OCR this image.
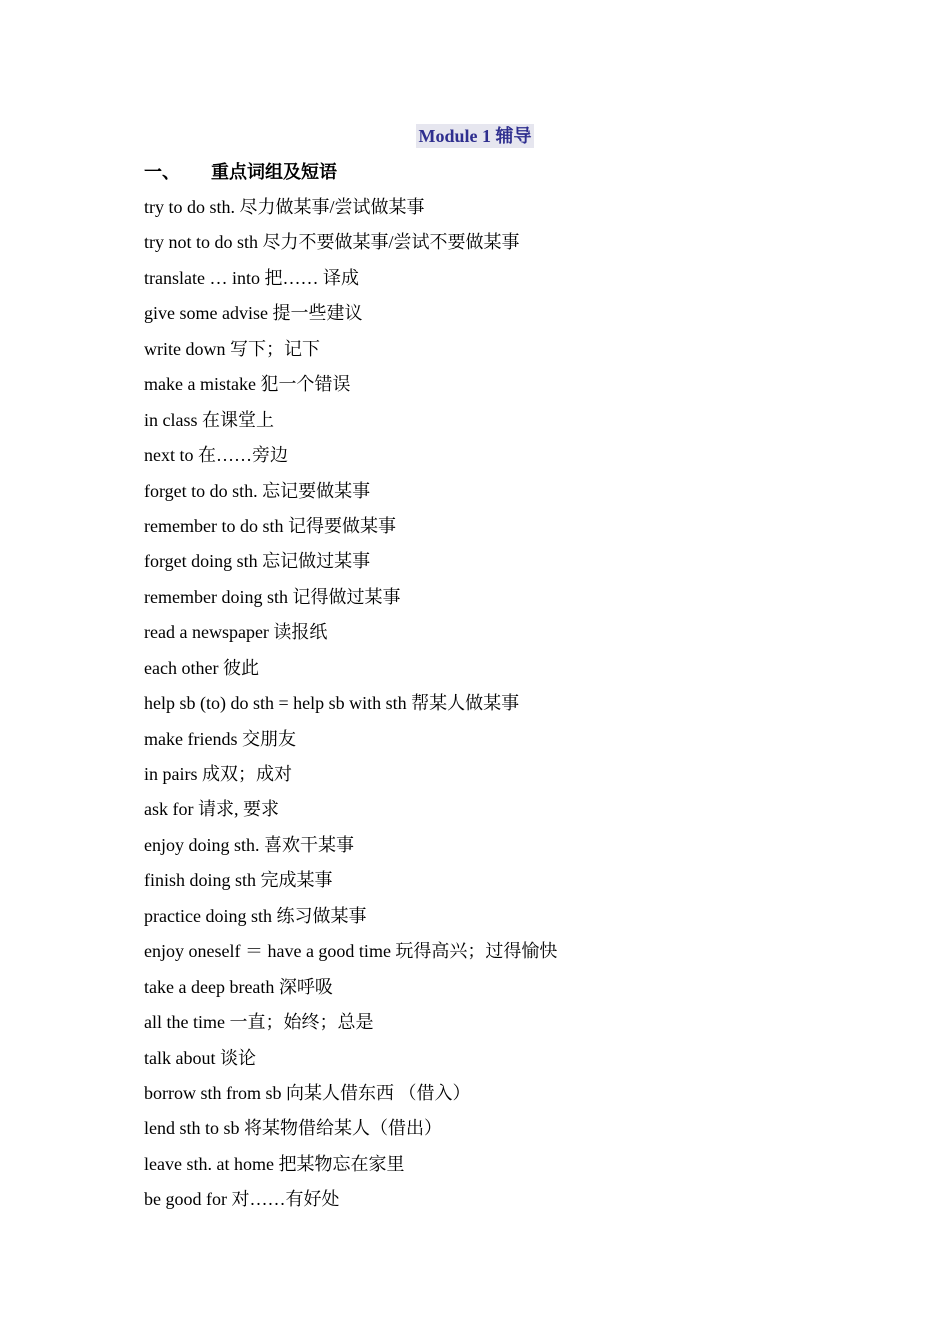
Module 1 辅导
一、 重点词组及短语
try to do sth. 尽力做某事/尝试做某事
try not to do sth 尽力不要做某事/尝试不要做某事
translate … into 把…… 译成
give some advise 提一些建议
write down 写下；记下
make a mistake 犯一个错误
in class 在课堂上
next to 在……旁边
forget to do sth. 忘记要做某事
remember to do sth 记得要做某事
forget doing sth 忘记做过某事
remember doing sth 记得做过某事
read a newspaper 读报纸
each other 彼此
help sb (to) do sth = help sb with sth 帮某人做某事
make friends 交朋友
in pairs 成双；成对
ask for 请求, 要求
enjoy doing sth. 喜欢干某事
finish doing sth 完成某事
practice doing sth 练习做某事
enjoy oneself ＝ have a good time 玩得高兴；过得愉快
take a deep breath 深呼吸
all the time 一直；始终；总是
talk about 谈论
borrow sth from sb 向某人借东西 （借入）
lend sth to sb 将某物借给某人（借出）
leave sth. at home 把某物忘在家里
be good for 对……有好处
